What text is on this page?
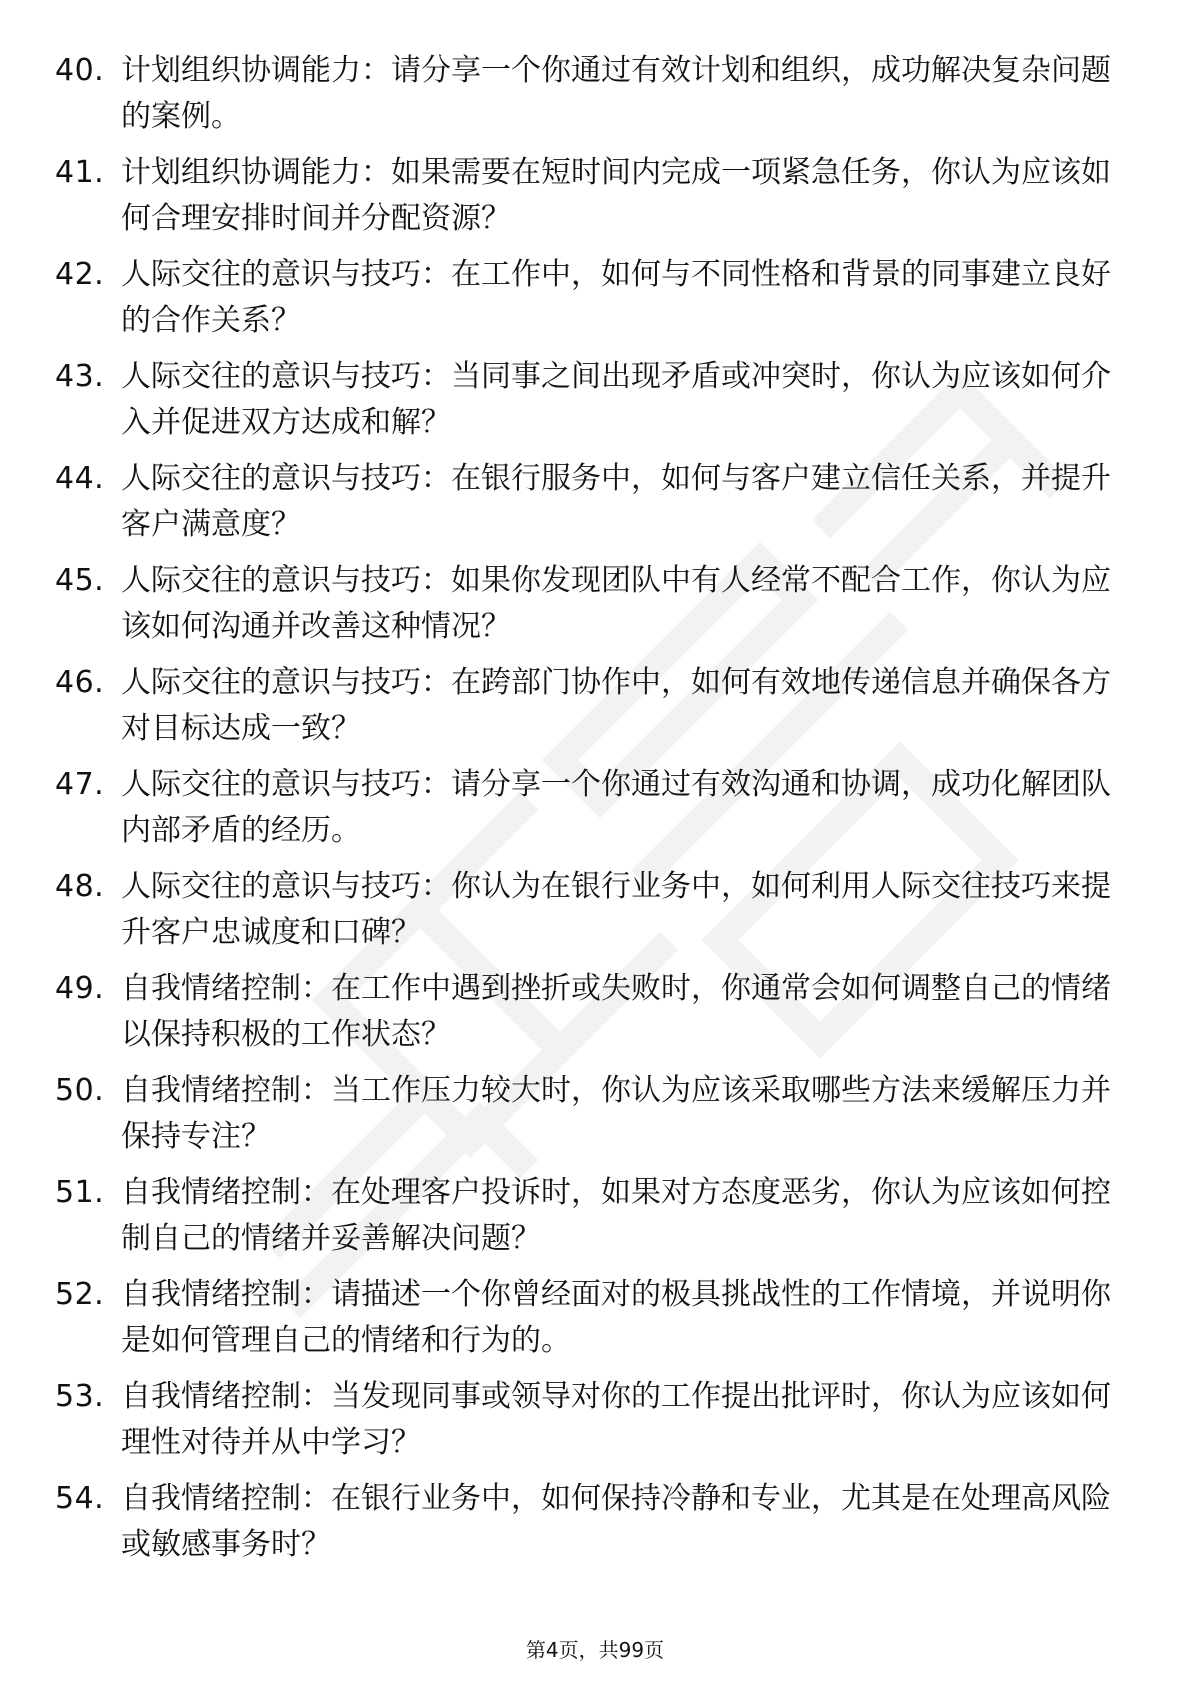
40. 计划组织协调能力：请分享一个你通过有效计划和组织，成功解决复杂问题的案例。
41. 计划组织协调能力：如果需要在短时间内完成一项紧急任务，你认为应该如何合理安排时间并分配资源？
42. 人际交往的意识与技巧：在工作中，如何与不同性格和背景的同事建立良好的合作关系？
43. 人际交往的意识与技巧：当同事之间出现矛盾或冲突时，你认为应该如何介入并促进双方达成和解？
44. 人际交往的意识与技巧：在银行服务中，如何与客户建立信任关系，并提升客户满意度？
45. 人际交往的意识与技巧：如果你发现团队中有人经常不配合工作，你认为应该如何沟通并改善这种情况？
46. 人际交往的意识与技巧：在跨部门协作中，如何有效地传递信息并确保各方对目标达成一致？
47. 人际交往的意识与技巧：请分享一个你通过有效沟通和协调，成功化解团队内部矛盾的经历。
48. 人际交往的意识与技巧：你认为在银行业务中，如何利用人际交往技巧来提升客户忠诚度和口碑？
49. 自我情绪控制：在工作中遇到挫折或失败时，你通常会如何调整自己的情绪以保持积极的工作状态？
50. 自我情绪控制：当工作压力较大时，你认为应该采取哪些方法来缓解压力并保持专注？
51. 自我情绪控制：在处理客户投诉时，如果对方态度恶劣，你认为应该如何控制自己的情绪并妥善解决问题？
52. 自我情绪控制：请描述一个你曾经面对的极具挑战性的工作情境，并说明你是如何管理自己的情绪和行为的。
53. 自我情绪控制：当发现同事或领导对你的工作提出批评时，你认为应该如何理性对待并从中学习？
54. 自我情绪控制：在银行业务中，如何保持冷静和专业，尤其是在处理高风险或敏感事务时？
第4页，共99页
